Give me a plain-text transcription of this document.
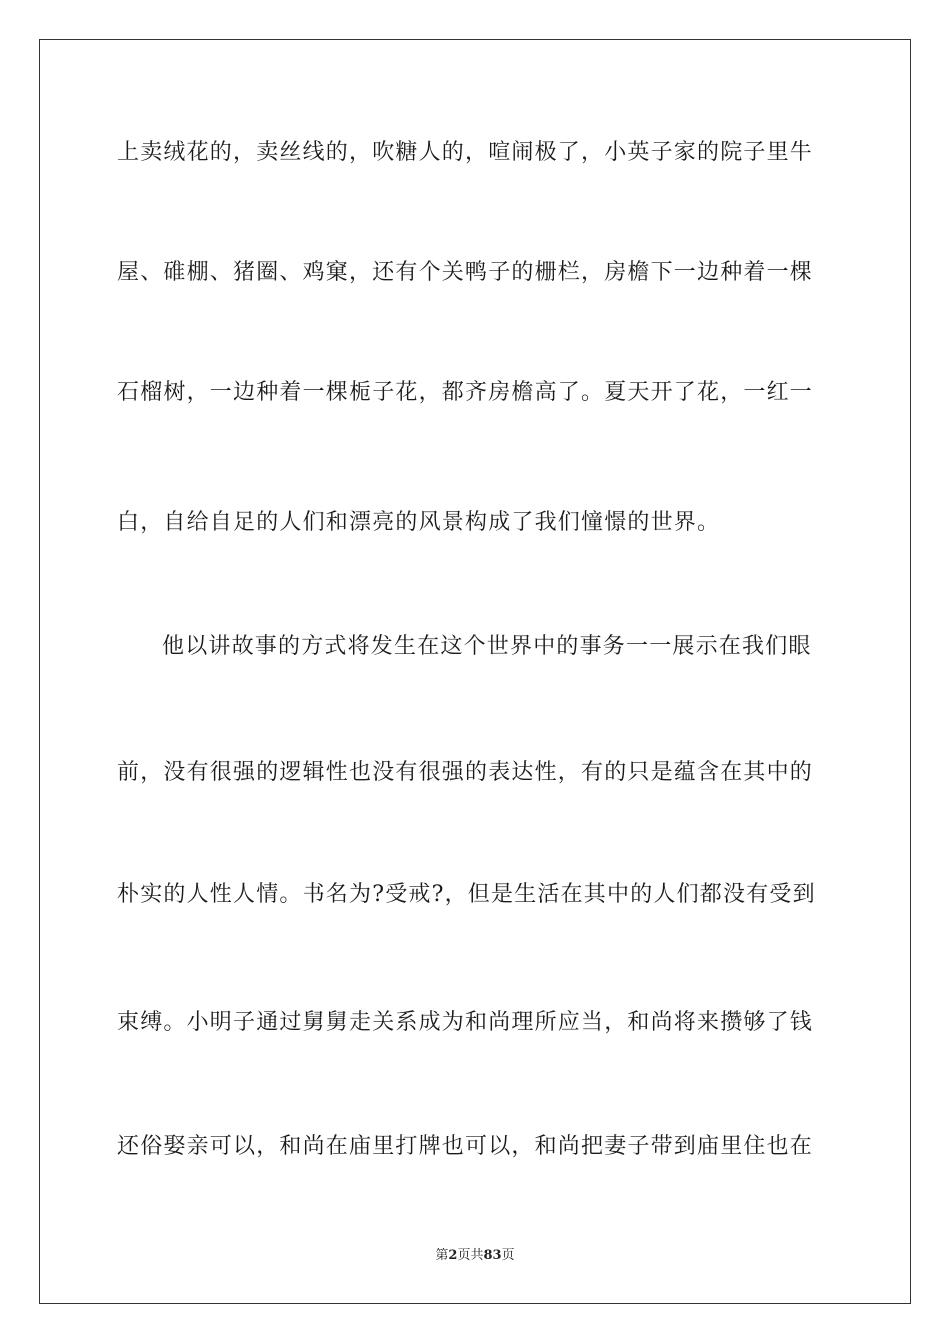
上卖绒花的，卖丝线的，吹糖人的，喧闹极了，小英子家的院子里牛
屋、碓棚、猪圈、鸡窠，还有个关鸭子的栅栏，房檐下一边种着一棵
石榴树，一边种着一棵栀子花，都齐房檐高了。夏天开了花，一红一
白，自给自足的人们和漂亮的风景构成了我们憧憬的世界。
他以讲故事的方式将发生在这个世界中的事务一一展示在我们眼
前，没有很强的逻辑性也没有很强的表达性，有的只是蕴含在其中的
朴实的人性人情。书名为?受戒?，但是生活在其中的人们都没有受到
束缚。小明子通过舅舅走关系成为和尚理所应当，和尚将来攒够了钱
还俗娶亲可以，和尚在庙里打牌也可以，和尚把妻子带到庙里住也在
第2页共83页
